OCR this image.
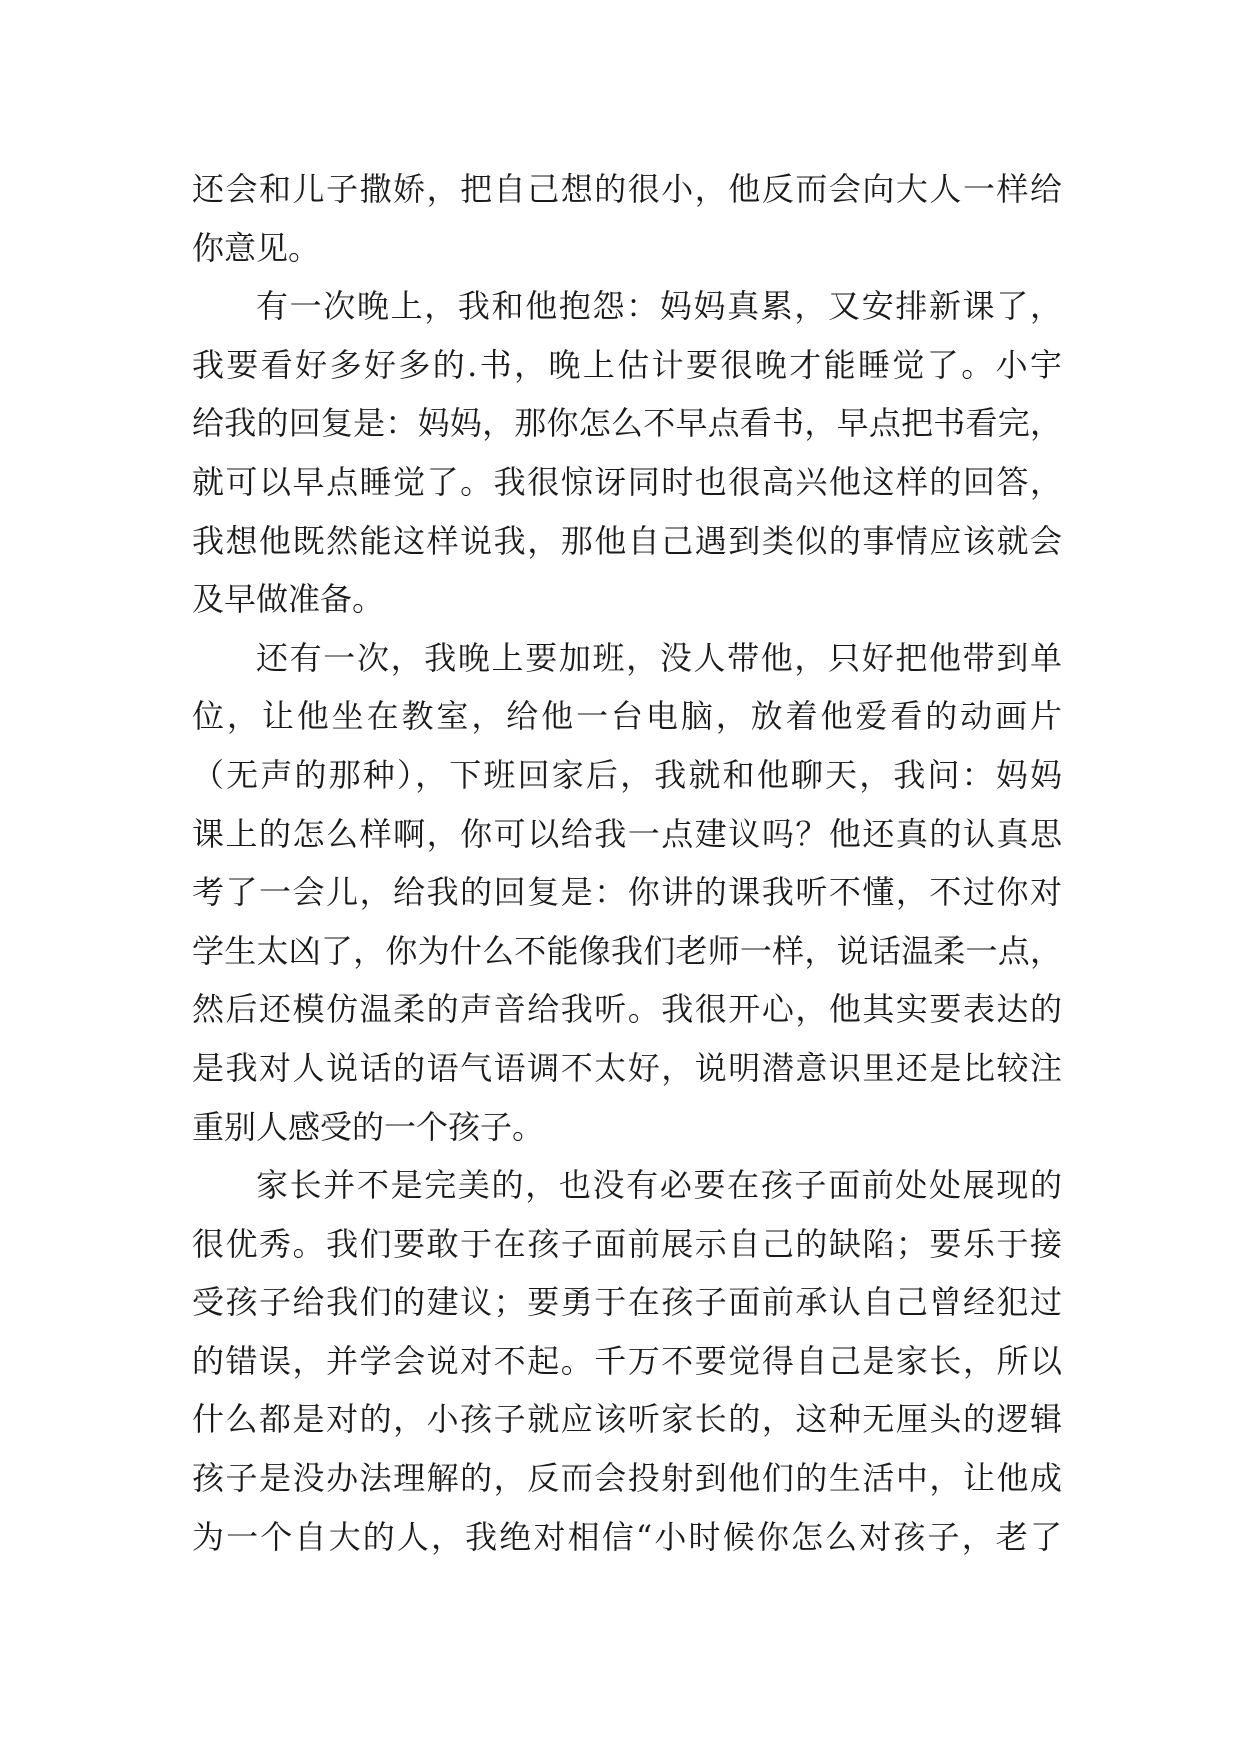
还会和儿子撒娇，把自己想的很小，他反而会向大人一样给
你意见。
有一次晚上，我和他抱怨：妈妈真累，又安排新课了，
我要看好多好多的.书，晚上估计要很晚才能睡觉了。小宇
给我的回复是：妈妈，那你怎么不早点看书，早点把书看完，
就可以早点睡觉了。我很惊讶同时也很高兴他这样的回答，
我想他既然能这样说我，那他自己遇到类似的事情应该就会
及早做准备。
还有一次，我晚上要加班，没人带他，只好把他带到单
位，让他坐在教室，给他一台电脑，放着他爱看的动画片
（无声的那种），下班回家后，我就和他聊天，我问：妈妈
课上的怎么样啊，你可以给我一点建议吗？他还真的认真思
考了一会儿，给我的回复是：你讲的课我听不懂，不过你对
学生太凶了，你为什么不能像我们老师一样，说话温柔一点，
然后还模仿温柔的声音给我听。我很开心，他其实要表达的
是我对人说话的语气语调不太好，说明潜意识里还是比较注
重别人感受的一个孩子。
家长并不是完美的，也没有必要在孩子面前处处展现的
很优秀。我们要敢于在孩子面前展示自己的缺陷；要乐于接
受孩子给我们的建议；要勇于在孩子面前承认自己曾经犯过
的错误，并学会说对不起。千万不要觉得自己是家长，所以
什么都是对的，小孩子就应该听家长的，这种无厘头的逻辑
孩子是没办法理解的，反而会投射到他们的生活中，让他成
为一个自大的人，我绝对相信“小时候你怎么对孩子，老了
